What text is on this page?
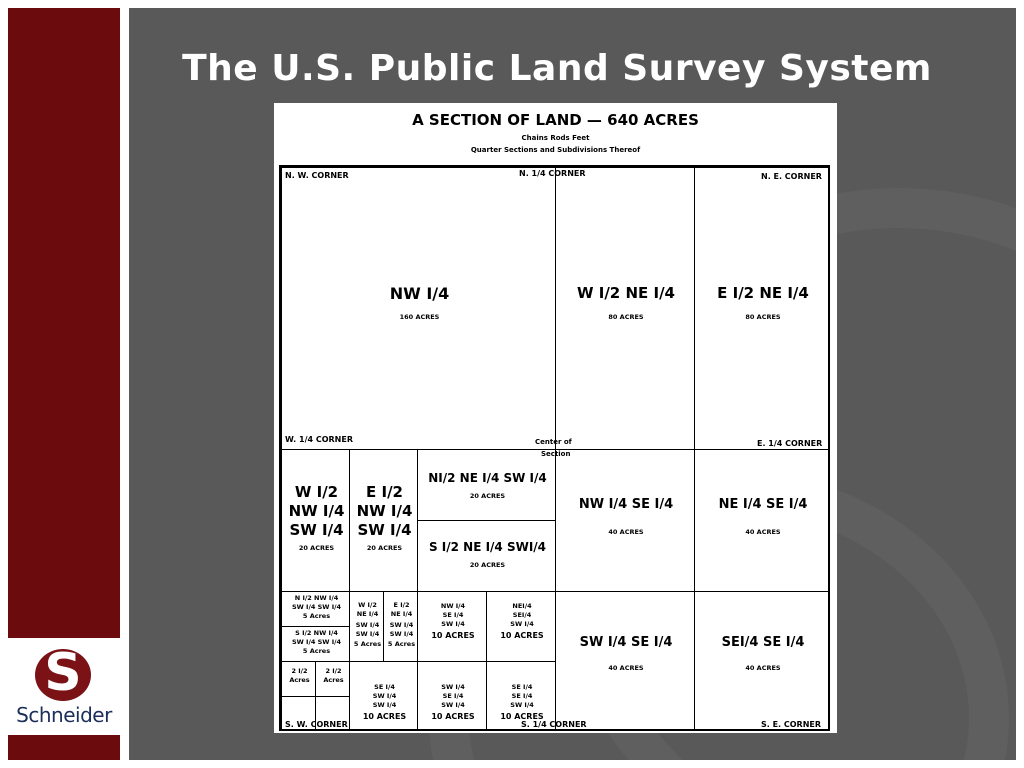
S
Schneider
The U.S. Public Land Survey System
A SECTION OF LAND — 640 ACRES
Chains Rods Feet
Quarter Sections and Subdivisions Thereof
NW I/4
160 ACRES
W I/2 NE I/4
80 ACRES
E I/2 NE I/4
80 ACRES
W I/2
NW I/4
SW I/4
20 ACRES
E I/2
NW I/4
SW I/4
20 ACRES
NI/2 NE I/4 SW I/4
20 ACRES
S I/2 NE I/4 SWI/4
20 ACRES
NW I/4 SE I/4
40 ACRES
NE I/4 SE I/4
40 ACRES
SW I/4 SE I/4
40 ACRES
SEI/4 SE I/4
40 ACRES
N I/2 NW I/4
SW I/4 SW I/4
5 Acres
S I/2 NW I/4
SW I/4 SW I/4
5 Acres
2 I/2
Acres
2 I/2
Acres
W I/2
NE I/4
SW I/4
SW I/4
5 Acres
E I/2
NE I/4
SW I/4
SW I/4
5 Acres
SE I/4
SW I/4
SW I/4
10 ACRES
NW I/4
SE I/4
SW I/4
10 ACRES
NEI/4
SEI/4
SW I/4
10 ACRES
SW I/4
SE I/4
SW I/4
10 ACRES
SE I/4
SE I/4
SW I/4
10 ACRES
N. W. CORNER	N. 1/4 CORNER	N. E. CORNER
W. 1/4 CORNER	Center of
Section
E. 1/4 CORNER
S. W. CORNER	S. 1/4 CORNER	S. E. CORNER
